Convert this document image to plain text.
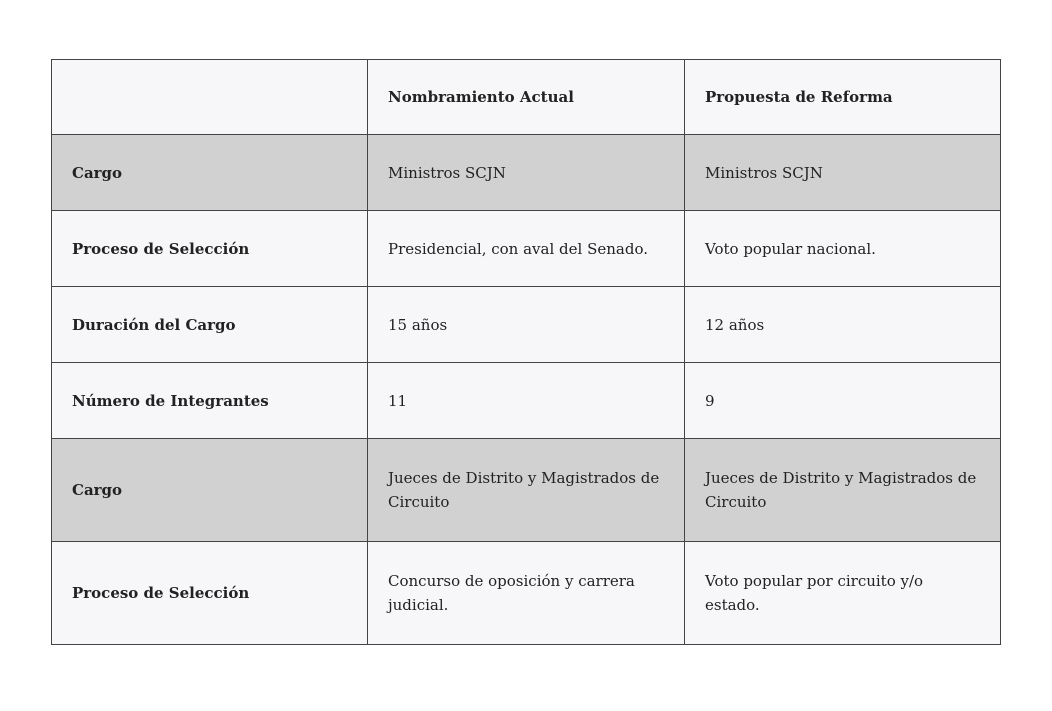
	Nombramiento Actual	Propuesta de Reforma
Cargo	Ministros SCJN	Ministros SCJN
Proceso de Selección	Presidencial, con aval del Senado.	Voto popular nacional.
Duración del Cargo	15 años	12 años
Número de Integrantes	11	9
Cargo	Jueces de Distrito y Magistrados de Circuito	Jueces de Distrito y Magistrados de Circuito
Proceso de Selección	Concurso de oposición y carrera judicial.	Voto popular por circuito y/o estado.
